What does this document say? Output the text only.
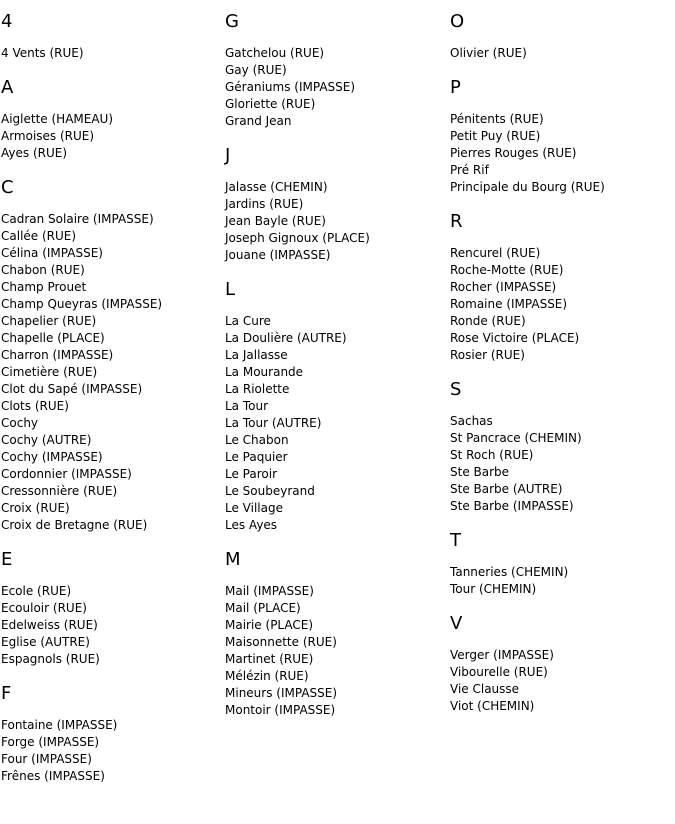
4
4 Vents (RUE)
A
Aiglette (HAMEAU)
Armoises (RUE)
Ayes (RUE)
C
Cadran Solaire (IMPASSE)
Callée (RUE)
Célina (IMPASSE)
Chabon (RUE)
Champ Prouet
Champ Queyras (IMPASSE)
Chapelier (RUE)
Chapelle (PLACE)
Charron (IMPASSE)
Cimetière (RUE)
Clot du Sapé (IMPASSE)
Clots (RUE)
Cochy
Cochy (AUTRE)
Cochy (IMPASSE)
Cordonnier (IMPASSE)
Cressonnière (RUE)
Croix (RUE)
Croix de Bretagne (RUE)
E
Ecole (RUE)
Ecouloir (RUE)
Edelweiss (RUE)
Eglise (AUTRE)
Espagnols (RUE)
F
Fontaine (IMPASSE)
Forge (IMPASSE)
Four (IMPASSE)
Frênes (IMPASSE)
G
Gatchelou (RUE)
Gay (RUE)
Géraniums (IMPASSE)
Gloriette (RUE)
Grand Jean
J
Jalasse (CHEMIN)
Jardins (RUE)
Jean Bayle (RUE)
Joseph Gignoux (PLACE)
Jouane (IMPASSE)
L
La Cure
La Doulière (AUTRE)
La Jallasse
La Mourande
La Riolette
La Tour
La Tour (AUTRE)
Le Chabon
Le Paquier
Le Paroir
Le Soubeyrand
Le Village
Les Ayes
M
Mail (IMPASSE)
Mail (PLACE)
Mairie (PLACE)
Maisonnette (RUE)
Martinet (RUE)
Mélézin (RUE)
Mineurs (IMPASSE)
Montoir (IMPASSE)
O
Olivier (RUE)
P
Pénitents (RUE)
Petit Puy (RUE)
Pierres Rouges (RUE)
Pré Rif
Principale du Bourg (RUE)
R
Rencurel (RUE)
Roche-Motte (RUE)
Rocher (IMPASSE)
Romaine (IMPASSE)
Ronde (RUE)
Rose Victoire (PLACE)
Rosier (RUE)
S
Sachas
St Pancrace (CHEMIN)
St Roch (RUE)
Ste Barbe
Ste Barbe (AUTRE)
Ste Barbe (IMPASSE)
T
Tanneries (CHEMIN)
Tour (CHEMIN)
V
Verger (IMPASSE)
Vibourelle (RUE)
Vie Clausse
Viot (CHEMIN)
